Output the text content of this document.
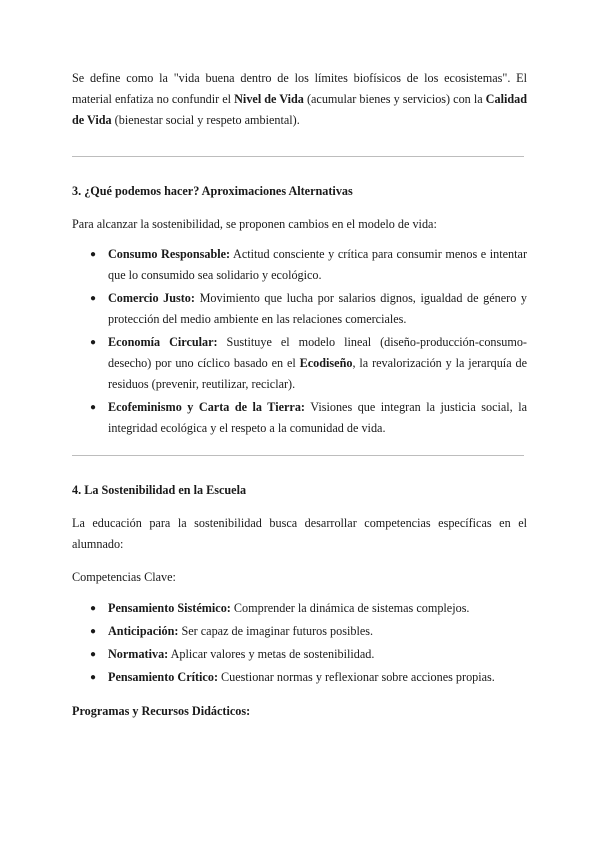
Se define como la "vida buena dentro de los límites biofísicos de los ecosistemas". El material enfatiza no confundir el Nivel de Vida (acumular bienes y servicios) con la Calidad de Vida (bienestar social y respeto ambiental).

3. ¿Qué podemos hacer? Aproximaciones Alternativas

Para alcanzar la sostenibilidad, se proponen cambios en el modelo de vida:

● Consumo Responsable: Actitud consciente y crítica para consumir menos e intentar que lo consumido sea solidario y ecológico.
● Comercio Justo: Movimiento que lucha por salarios dignos, igualdad de género y protección del medio ambiente en las relaciones comerciales.
● Economía Circular: Sustituye el modelo lineal (diseño-producción-consumo-desecho) por uno cíclico basado en el Ecodiseño, la revalorización y la jerarquía de residuos (prevenir, reutilizar, reciclar).
● Ecofeminismo y Carta de la Tierra: Visiones que integran la justicia social, la integridad ecológica y el respeto a la comunidad de vida.
4. La Sostenibilidad en la Escuela

La educación para la sostenibilidad busca desarrollar competencias específicas en el alumnado:

Competencias Clave:

● Pensamiento Sistémico: Comprender la dinámica de sistemas complejos.
● Anticipación: Ser capaz de imaginar futuros posibles.
● Normativa: Aplicar valores y metas de sostenibilidad.
● Pensamiento Crítico: Cuestionar normas y reflexionar sobre acciones propias.

Programas y Recursos Didácticos:
